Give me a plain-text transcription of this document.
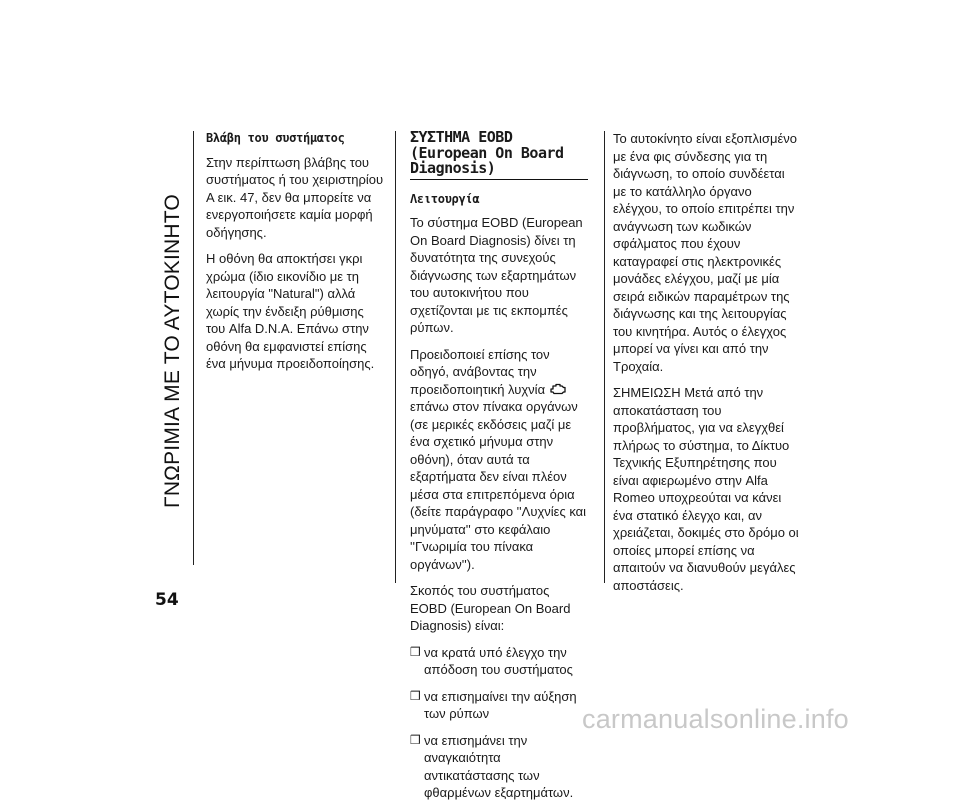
ΓΝΩΡΙΜΙΑ ΜΕ ΤΟ ΑΥΤΟΚΙΝΗΤΟ
Βλάβη του συστήματος

Στην περίπτωση βλάβης του συστήματος ή του χειριστηρίου A εικ. 47, δεν θα μπορείτε να ενεργοποιήσετε καμία μορφή οδήγησης.

Η οθόνη θα αποκτήσει γκρι χρώμα (ίδιο εικονίδιο με τη λειτουργία "Natural") αλλά χωρίς την ένδειξη ρύθμισης του Alfa D.N.A. Επάνω στην οθόνη θα εμφανιστεί επίσης ένα μήνυμα προειδοποίησης.

ΣΥΣΤΗΜΑ EOBD (European On Board Diagnosis)
Λειτουργία

Το σύστημα EOBD (European On Board Diagnosis) δίνει τη δυνατότητα της συνεχούς διάγνωσης των εξαρτημάτων του αυτοκινήτου που σχετίζονται με τις εκπομπές ρύπων.

Προειδοποιεί επίσης τον οδηγό, ανάβοντας την προειδοποιητική λυχνία επάνω στον πίνακα οργάνων (σε μερικές εκδόσεις μαζί με ένα σχετικό μήνυμα στην οθόνη), όταν αυτά τα εξαρτήματα δεν είναι πλέον μέσα στα επιτρεπόμενα όρια (δείτε παράγραφο ''Λυχνίες και μηνύματα'' στο κεφάλαιο ''Γνωριμία του πίνακα οργάνων'').

Σκοπός του συστήματος EOBD (European On Board Diagnosis) είναι:

❒ να κρατά υπό έλεγχο την απόδοση του συστήματος
❒ να επισημαίνει την αύξηση των ρύπων
❒ να επισημάνει την αναγκαιότητα αντικατάστασης των φθαρμένων εξαρτημάτων.

Το αυτοκίνητο είναι εξοπλισμένο με ένα φις σύνδεσης για τη διάγνωση, το οποίο συνδέεται με το κατάλληλο όργανο ελέγχου, το οποίο επιτρέπει την ανάγνωση των κωδικών σφάλματος που έχουν καταγραφεί στις ηλεκτρονικές μονάδες ελέγχου, μαζί με μία σειρά ειδικών παραμέτρων της διάγνωσης και της λειτουργίας του κινητήρα. Αυτός ο έλεγχος μπορεί να γίνει και από την Τροχαία.

ΣΗΜΕΙΩΣΗ Μετά από την αποκατάσταση του προβλήματος, για να ελεγχθεί πλήρως το σύστημα, το Δίκτυο Τεχνικής Εξυπηρέτησης που είναι αφιερωμένο στην Alfa Romeo υποχρεούται να κάνει ένα στατικό έλεγχο και, αν χρειάζεται, δοκιμές στο δρόμο οι οποίες μπορεί επίσης να απαιτούν να διανυθούν μεγάλες αποστάσεις.

54
carmanualsonline.info
